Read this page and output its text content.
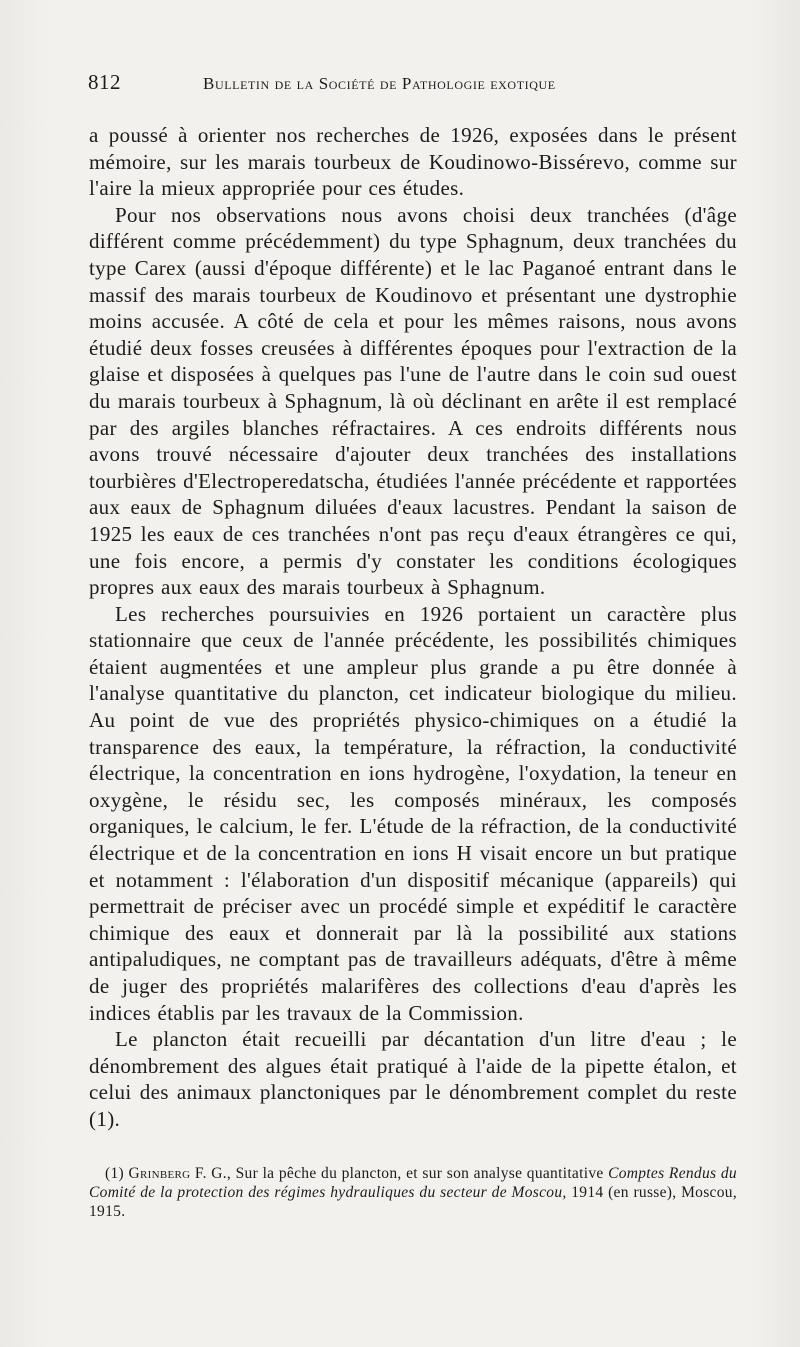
812	Bulletin de la Société de Pathologie exotique

a poussé à orienter nos recherches de 1926, exposées dans le présent mémoire, sur les marais tourbeux de Koudinowo-Bissérevo, comme sur l'aire la mieux appropriée pour ces études.

Pour nos observations nous avons choisi deux tranchées (d'âge différent comme précédemment) du type Sphagnum, deux tranchées du type Carex (aussi d'époque différente) et le lac Paganoé entrant dans le massif des marais tourbeux de Koudinovo et présentant une dystrophie moins accusée. A côté de cela et pour les mêmes raisons, nous avons étudié deux fosses creusées à différentes époques pour l'extraction de la glaise et disposées à quelques pas l'une de l'autre dans le coin sud ouest du marais tourbeux à Sphagnum, là où déclinant en arête il est remplacé par des argiles blanches réfractaires. A ces endroits différents nous avons trouvé nécessaire d'ajouter deux tranchées des installations tourbières d'Electroperedatscha, étudiées l'année précédente et rapportées aux eaux de Sphagnum diluées d'eaux lacustres. Pendant la saison de 1925 les eaux de ces tranchées n'ont pas reçu d'eaux étrangères ce qui, une fois encore, a permis d'y constater les conditions écologiques propres aux eaux des marais tourbeux à Sphagnum.

Les recherches poursuivies en 1926 portaient un caractère plus stationnaire que ceux de l'année précédente, les possibilités chimiques étaient augmentées et une ampleur plus grande a pu être donnée à l'analyse quantitative du plancton, cet indicateur biologique du milieu. Au point de vue des propriétés physico-chimiques on a étudié la transparence des eaux, la température, la réfraction, la conductivité électrique, la concentration en ions hydrogène, l'oxydation, la teneur en oxygène, le résidu sec, les composés minéraux, les composés organiques, le calcium, le fer. L'étude de la réfraction, de la conductivité électrique et de la concentration en ions H visait encore un but pratique et notamment : l'élaboration d'un dispositif mécanique (appareils) qui permettrait de préciser avec un procédé simple et expéditif le caractère chimique des eaux et donnerait par là la possibilité aux stations antipaludiques, ne comptant pas de travailleurs adéquats, d'être à même de juger des propriétés malarifères des collections d'eau d'après les indices établis par les travaux de la Commission.

Le plancton était recueilli par décantation d'un litre d'eau ; le dénombrement des algues était pratiqué à l'aide de la pipette étalon, et celui des animaux planctoniques par le dénombrement complet du reste (1).

(1) Grinberg F. G., Sur la pêche du plancton, et sur son analyse quantitative Comptes Rendus du Comité de la protection des régimes hydrauliques du secteur de Moscou, 1914 (en russe), Moscou, 1915.
